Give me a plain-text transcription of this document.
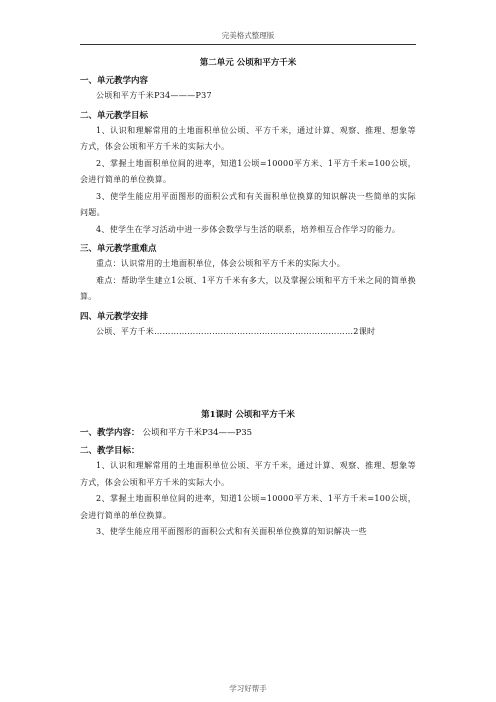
完美格式整理版

第二单元 公顷和平方千米

一、单元教学内容

公顷和平方千米P34———P37

二、单元教学目标

1、认识和理解常用的土地面积单位公顷、平方千米，通过计算、观察、推理、想象等方式，体会公顷和平方千米的实际大小。

2、掌握土地面积单位间的进率，知道1公顷=10000平方米、1平方千米=100公顷，会进行简单的单位换算。

3、使学生能应用平面图形的面积公式和有关面积单位换算的知识解决一些简单的实际问题。

4、使学生在学习活动中进一步体会数学与生活的联系，培养相互合作学习的能力。

三、单元教学重难点

重点：认识常用的土地面积单位，体会公顷和平方千米的实际大小。

难点：帮助学生建立1公顷、1平方千米有多大，以及掌握公顷和平方千米之间的简单换算。

四、单元教学安排

公顷、平方千米………………………………………………………………2课时

第1课时 公顷和平方千米

一、教学内容： 公顷和平方千米P34——P35

二、教学目标：

1、认识和理解常用的土地面积单位公顷、平方千米，通过计算、观察、推理、想象等方式，体会公顷和平方千米的实际大小。

2、掌握土地面积单位间的进率，知道1公顷=10000平方米、1平方千米=100公顷，会进行简单的单位换算。

3、使学生能应用平面图形的面积公式和有关面积单位换算的知识解决一些

学习好帮手
